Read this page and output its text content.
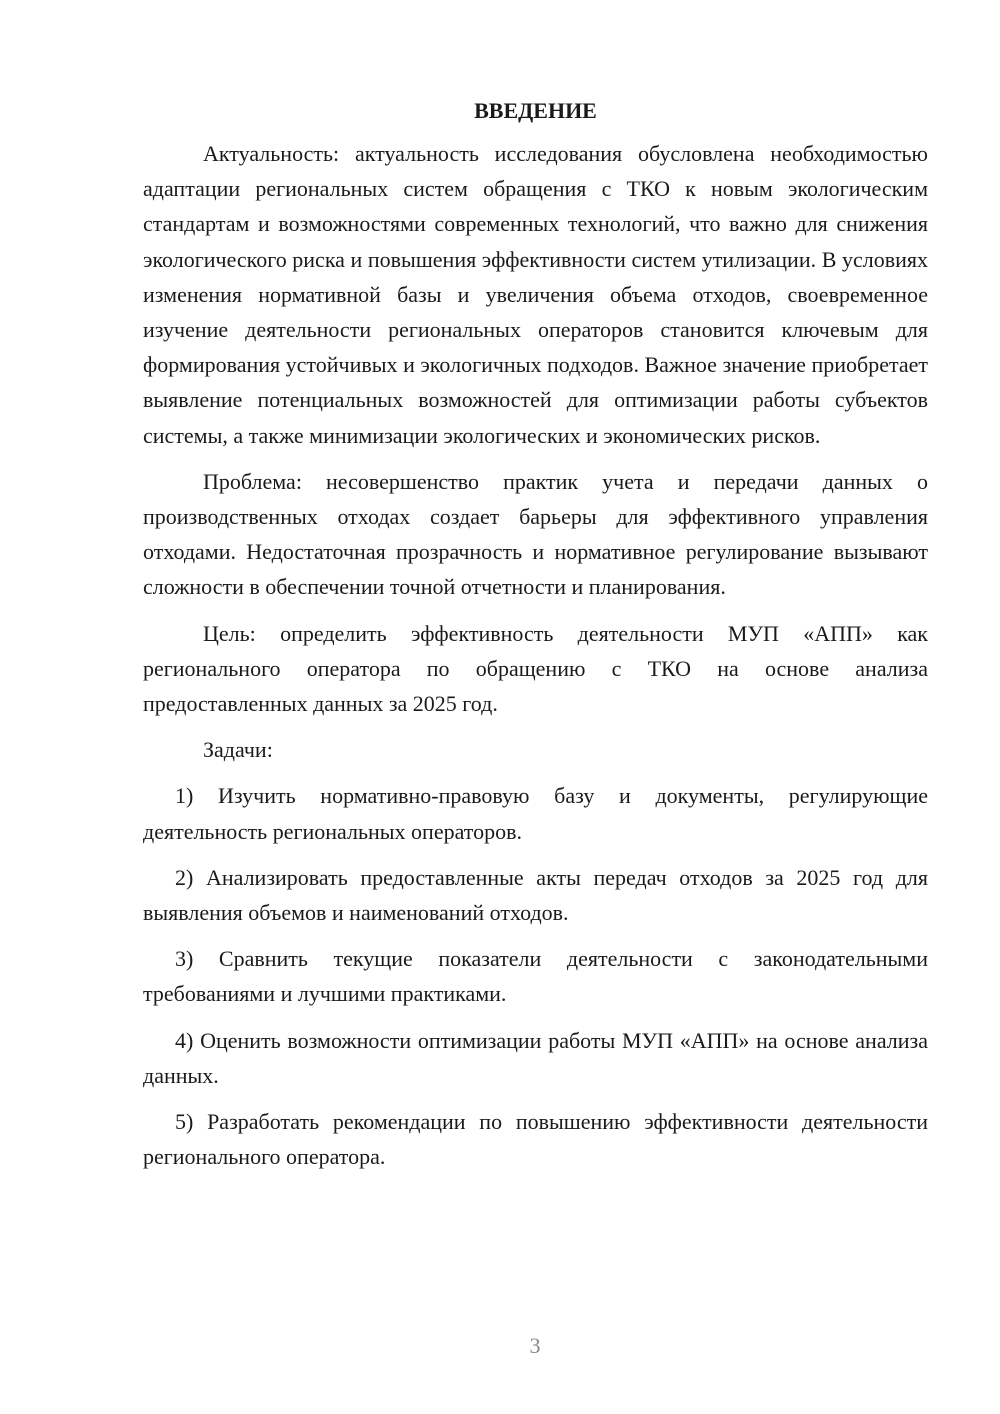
ВВЕДЕНИЕ

Актуальность: актуальность исследования обусловлена необходимостью адаптации региональных систем обращения с ТКО к новым экологическим стандартам и возможностями современных технологий, что важно для снижения экологического риска и повышения эффективности систем утилизации. В условиях изменения нормативной базы и увеличения объема отходов, своевременное изучение деятельности региональных операторов становится ключевым для формирования устойчивых и экологичных подходов. Важное значение приобретает выявление потенциальных возможностей для оптимизации работы субъектов системы, а также минимизации экологических и экономических рисков.

Проблема: несовершенство практик учета и передачи данных о производственных отходах создает барьеры для эффективного управления отходами. Недостаточная прозрачность и нормативное регулирование вызывают сложности в обеспечении точной отчетности и планирования.

Цель: определить эффективность деятельности МУП «АПП» как регионального оператора по обращению с ТКО на основе анализа предоставленных данных за 2025 год.

Задачи:

1) Изучить нормативно-правовую базу и документы, регулирующие деятельность региональных операторов.

2) Анализировать предоставленные акты передач отходов за 2025 год для выявления объемов и наименований отходов.

3) Сравнить текущие показатели деятельности с законодательными требованиями и лучшими практиками.

4) Оценить возможности оптимизации работы МУП «АПП» на основе анализа данных.

5) Разработать рекомендации по повышению эффективности деятельности регионального оператора.

3
